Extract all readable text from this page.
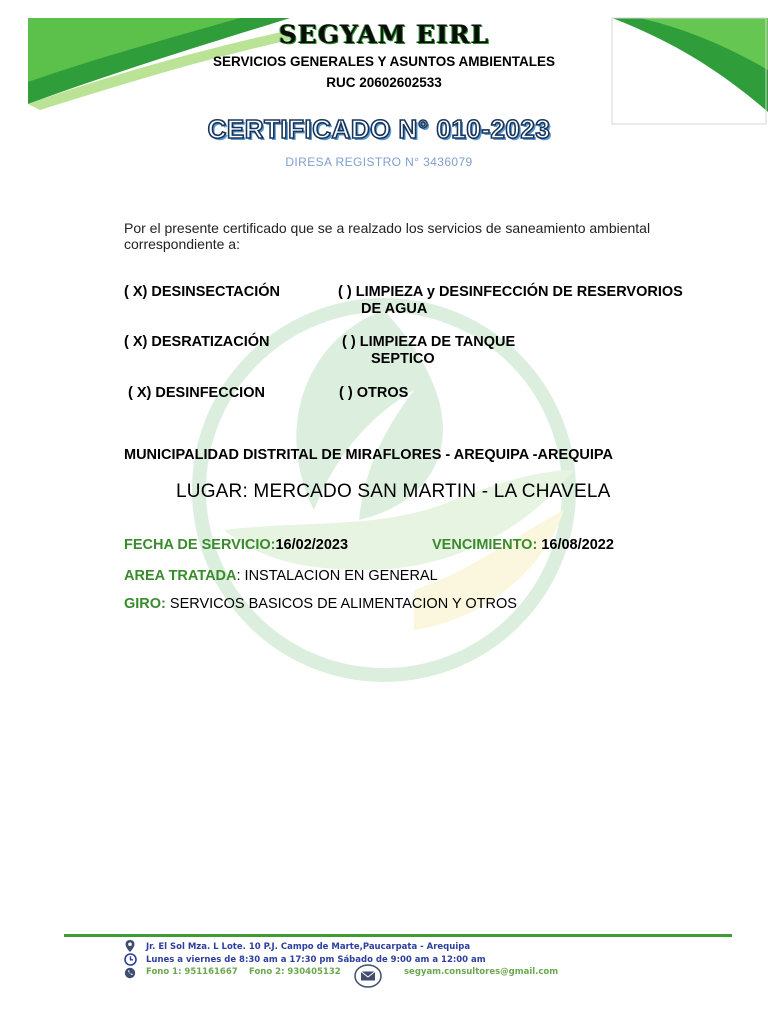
SEGYAM EIRL
SERVICIOS GENERALES Y ASUNTOS AMBIENTALES
RUC 20602602533
CERTIFICADO N° 010-2023
DIRESA REGISTRO N° 3436079
Por el presente certificado que se a realzado los servicios de saneamiento ambiental correspondiente a:
( X) DESINSECTACIÓN	( ) LIMPIEZA y DESINFECCIÓN DE RESERVORIOS
DE AGUA
( X) DESRATIZACIÓN	( ) LIMPIEZA DE TANQUE
SEPTICO
( X) DESINFECCION	( ) OTROS
MUNICIPALIDAD DISTRITAL DE MIRAFLORES - AREQUIPA -AREQUIPA
LUGAR: MERCADO SAN MARTIN - LA CHAVELA
FECHA DE SERVICIO:16/02/2023	VENCIMIENTO: 16/08/2022
AREA TRATADA: INSTALACION EN GENERAL
GIRO: SERVICOS BASICOS DE ALIMENTACION Y OTROS
Jr. El Sol Mza. L Lote. 10 P.J. Campo de Marte,Paucarpata - Arequipa
Lunes a viernes de 8:30 am a 17:30 pm Sábado de 9:00 am a 12:00 am
Fono 1: 951161667 Fono 2: 930405132	segyam.consultores@gmail.com
